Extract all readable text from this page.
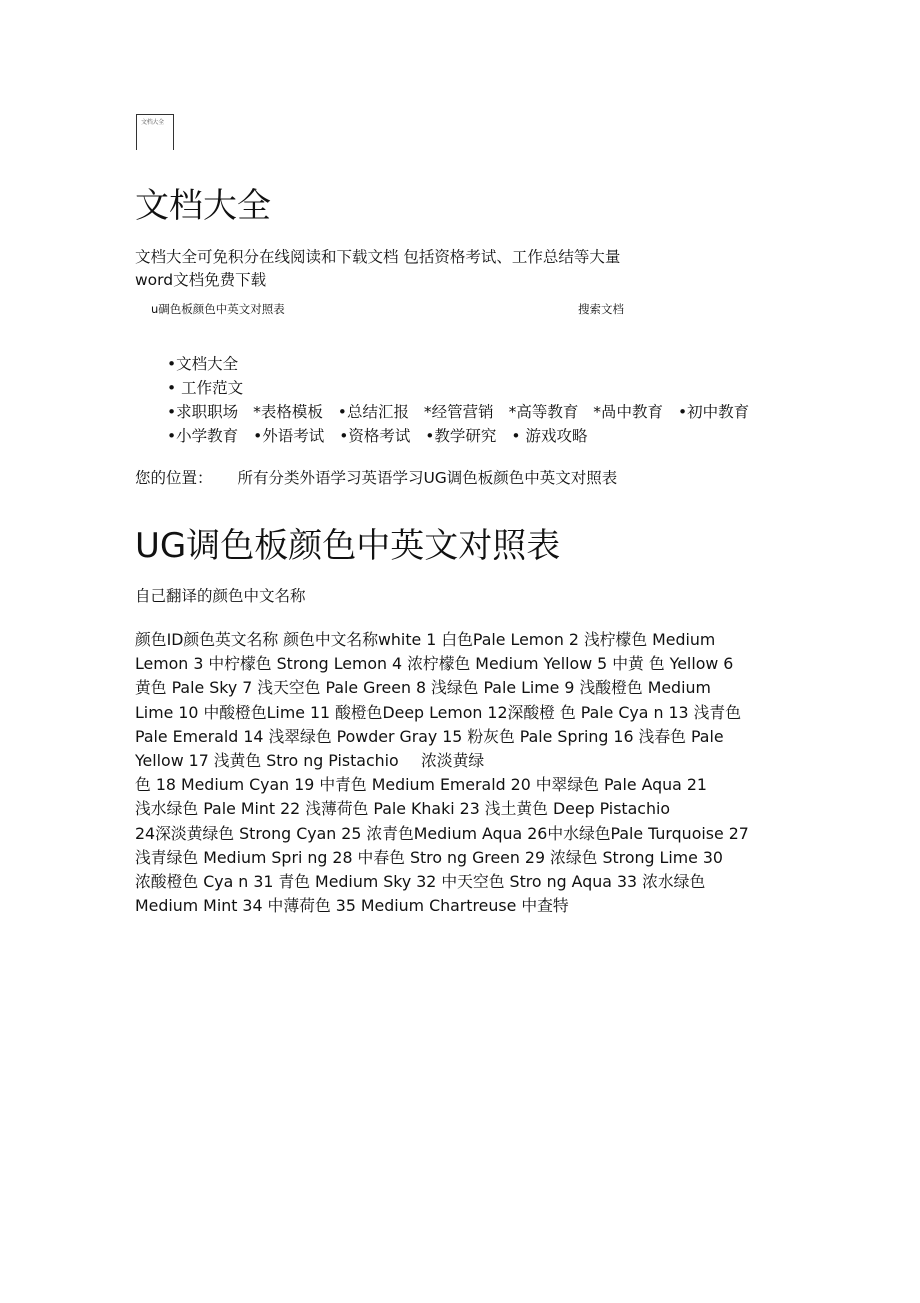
文档大全
文档大全
文档大全可免积分在线阅读和下载文档 包括资格考试、工作总结等大量
word文档免费下载
u碉色板颜色中英文对照表	搜索文档
•文档大全
• 工作范文
•求职职场 *表格模板 •总结汇报 *经管营销 *高等教育 *咼中教育 •初中教育
•小学教育 •外语考试 •资格考试 •教学研究 • 游戏攻略
您的位置： 所有分类外语学习英语学习UG调色板颜色中英文对照表
UG调色板颜色中英文对照表
自己翻译的颜色中文名称
颜色ID颜色英文名称 颜色中文名称white 1 白色Pale Lemon 2 浅柠檬色 Medium
Lemon 3 中柠檬色 Strong Lemon 4 浓柠檬色 Medium Yellow 5 中黄 色 Yellow 6
黄色 Pale Sky 7 浅天空色 Pale Green 8 浅绿色 Pale Lime 9 浅酸橙色 Medium
Lime 10 中酸橙色Lime 11 酸橙色Deep Lemon 12深酸橙 色 Pale Cya n 13 浅青色
Pale Emerald 14 浅翠绿色 Powder Gray 15 粉灰色 Pale Spring 16 浅春色 Pale
Yellow 17 浅黄色 Stro ng Pistachio 浓淡黄绿
色 18 Medium Cyan 19 中青色 Medium Emerald 20 中翠绿色 Pale Aqua 21
浅水绿色 Pale Mint 22 浅薄荷色 Pale Khaki 23 浅土黄色 Deep Pistachio
24深淡黄绿色 Strong Cyan 25 浓青色Medium Aqua 26中水绿色Pale Turquoise 27
浅青绿色 Medium Spri ng 28 中春色 Stro ng Green 29 浓绿色 Strong Lime 30
浓酸橙色 Cya n 31 青色 Medium Sky 32 中天空色 Stro ng Aqua 33 浓水绿色
Medium Mint 34 中薄荷色 35 Medium Chartreuse 中查特
